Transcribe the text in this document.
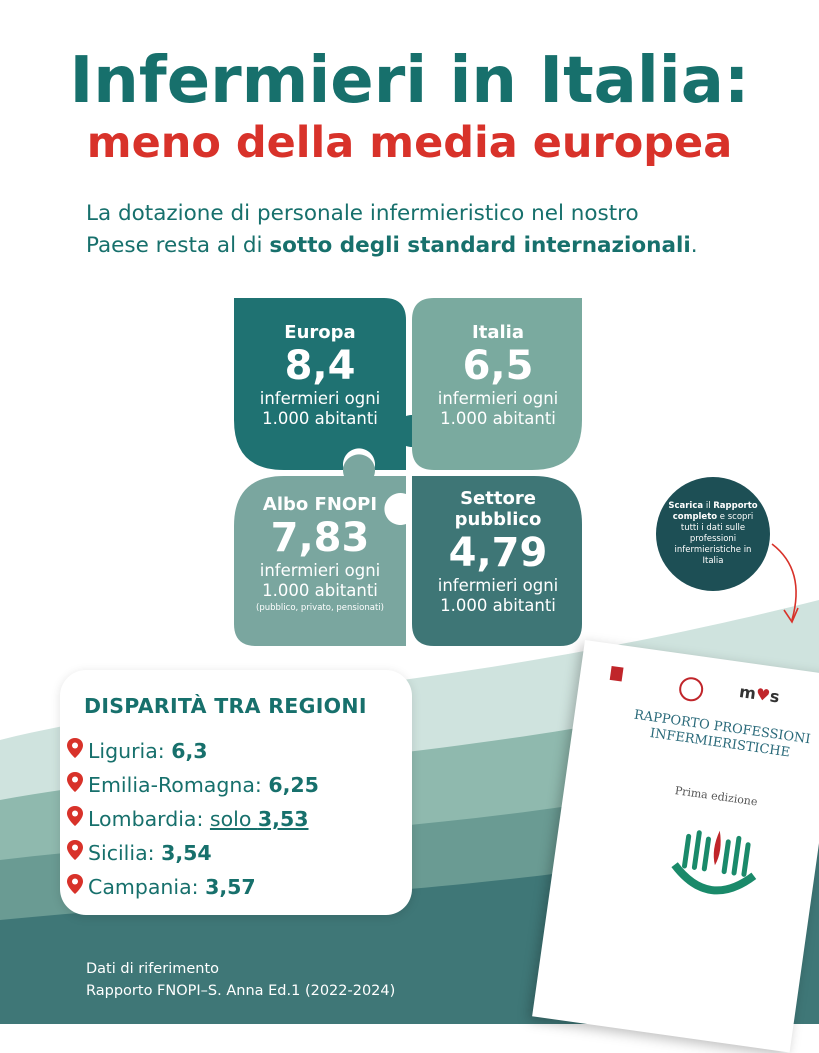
Infermieri in Italia:
meno della media europea
La dotazione di personale infermieristico nel nostro
Paese resta al di sotto degli standard internazionali.
Europa
8,4
infermieri ogni
1.000 abitanti
Italia
6,5
infermieri ogni
1.000 abitanti
Albo FNOPI
7,83
infermieri ogni
1.000 abitanti
(pubblico, privato, pensionati)
Settore
pubblico
4,79
infermieri ogni
1.000 abitanti
m♥s
RAPPORTO PROFESSIONI INFERMIERISTICHE
Prima edizione
Scarica il Rapporto completo e scopri tutti i dati sulle professioni infermieristiche in Italia
DISPARITÀ TRA REGIONI
Liguria: 6,3
Emilia-Romagna: 6,25
Lombardia: solo 3,53
Sicilia: 3,54
Campania: 3,57
Dati di riferimento
Rapporto FNOPI–S. Anna Ed.1 (2022-2024)
